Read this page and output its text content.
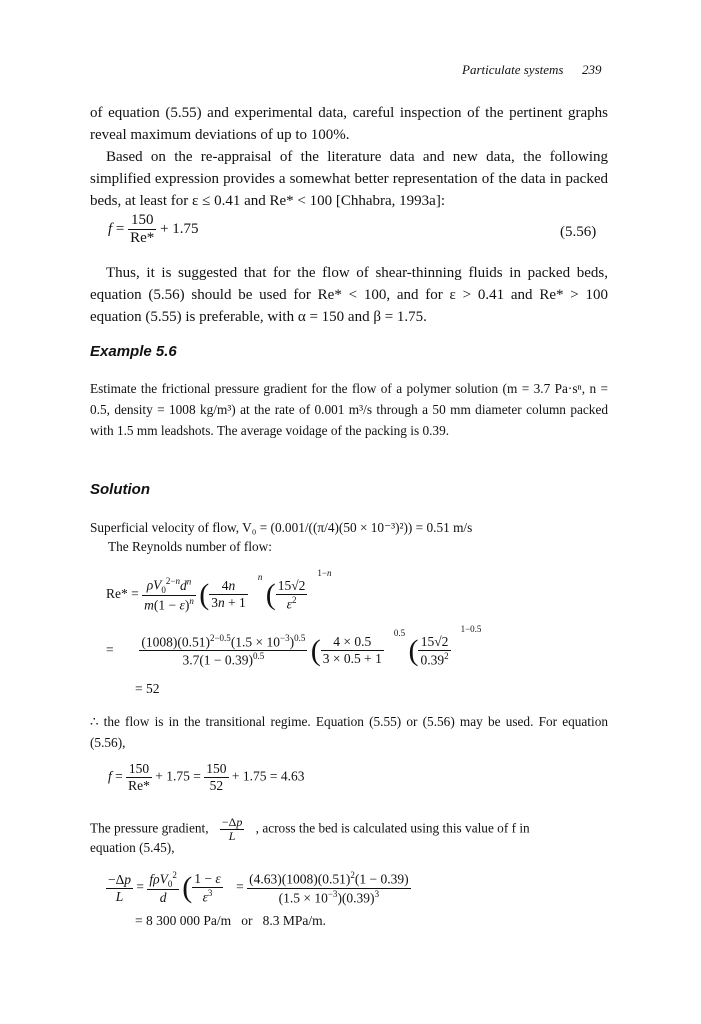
Particulate systems 239
of equation (5.55) and experimental data, careful inspection of the pertinent graphs reveal maximum deviations of up to 100%.
Based on the re-appraisal of the literature data and new data, the following simplified expression provides a somewhat better representation of the data in packed beds, at least for ε ≤ 0.41 and Re* < 100 [Chhabra, 1993a]:
$f = \frac{150}{Re*} + 1.75$	(5.56)
Thus, it is suggested that for the flow of shear-thinning fluids in packed beds, equation (5.56) should be used for Re* < 100, and for ε > 0.41 and Re* > 100 equation (5.55) is preferable, with α = 150 and β = 1.75.
Example 5.6
Estimate the frictional pressure gradient for the flow of a polymer solution (m = 3.7 Pa·sⁿ, n = 0.5, density = 1008 kg/m³) at the rate of 0.001 m³/s through a 50 mm diameter column packed with 1.5 mm leadshots. The average voidage of the packing is 0.39.
Solution
Superficial velocity of flow, V₀ = (0.001/((π/4)(50 × 10⁻³)²)) = 0.51 m/s
The Reynolds number of flow:
$Re* = \frac{\rho V_0^{2-n}d^n}{m(1 - \varepsilon)^n}$ ( $\frac{4n}{3n + 1}$
$^n$ ( $\frac{15√2}{\varepsilon^2}$
$^{1-n}$
= $\frac{(1008)(0.51)^{2-0.5}(1.5 \times 10^{-3})^{0.5}}{3.7(1 - 0.39)^{0.5}}$ ( $\frac{4 \times 0.5}{3 \times 0.5 + 1}$
$^{0.5}$ ( $\frac{15√2}{0.39^2}$
$^{1-0.5}$
= 52
∴ the flow is in the transitional regime. Equation (5.55) or (5.56) may be used. For equation (5.56),
$f = \frac{150}{Re*} + 1.75 = \frac{150}{52} + 1.75 = 4.63$
The pressure gradient, $\frac{-\Delta p}{L}$ , across the bed is calculated using this value of f in
equation (5.45),
$\frac{-\Delta p}{L} = \frac{f\rho V_0^2}{d}$ ( $\frac{1 - \varepsilon}{\varepsilon^3} = \frac{(4.63)(1008)(0.51)^2(1 - 0.39)}{(1.5 \times 10^{-3})(0.39)^3}$
= 8 300 000 Pa/m   or   8.3 MPa/m.
